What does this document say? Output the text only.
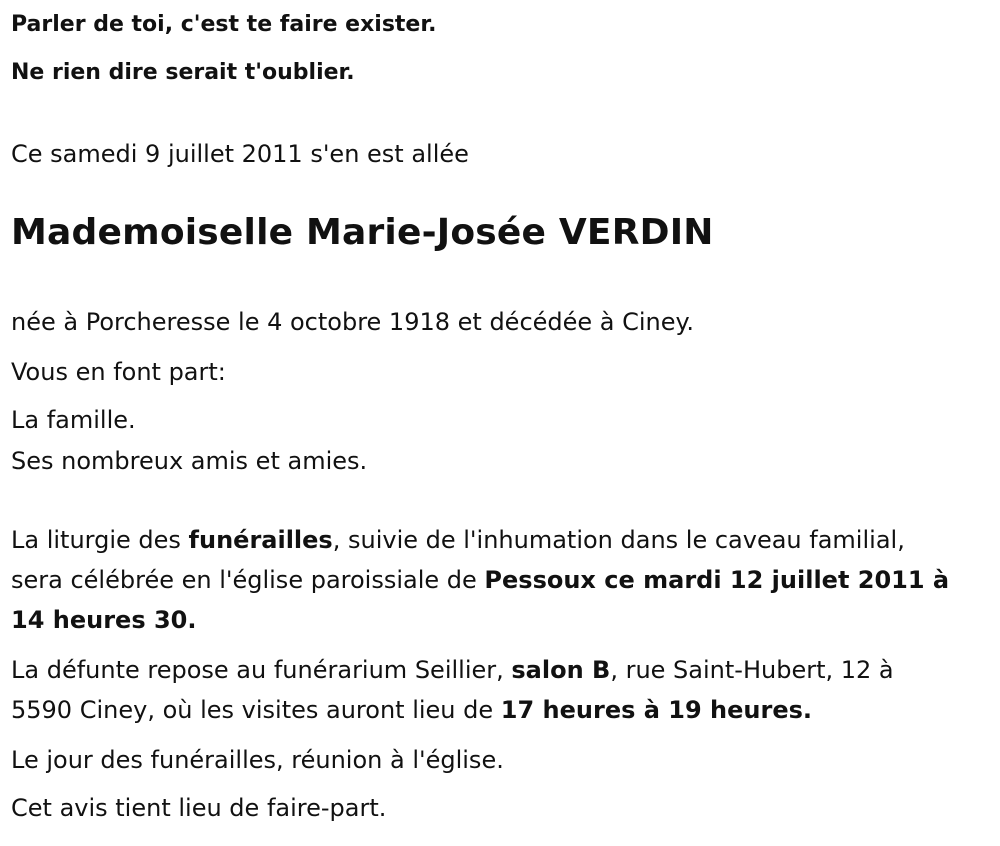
Parler de toi, c'est te faire exister.

Ne rien dire serait t'oublier.

Ce samedi 9 juillet 2011 s'en est allée

Mademoiselle Marie-Josée VERDIN

née à Porcheresse le 4 octobre 1918 et décédée à Ciney.

Vous en font part:

La famille.

Ses nombreux amis et amies.

La liturgie des funérailles, suivie de l'inhumation dans le caveau familial,

sera célébrée en l'église paroissiale de Pessoux ce mardi 12 juillet 2011 à

14 heures 30.

La défunte repose au funérarium Seillier, salon B, rue Saint-Hubert, 12 à

5590 Ciney, où les visites auront lieu de 17 heures à 19 heures.

Le jour des funérailles, réunion à l'église.

Cet avis tient lieu de faire-part.
